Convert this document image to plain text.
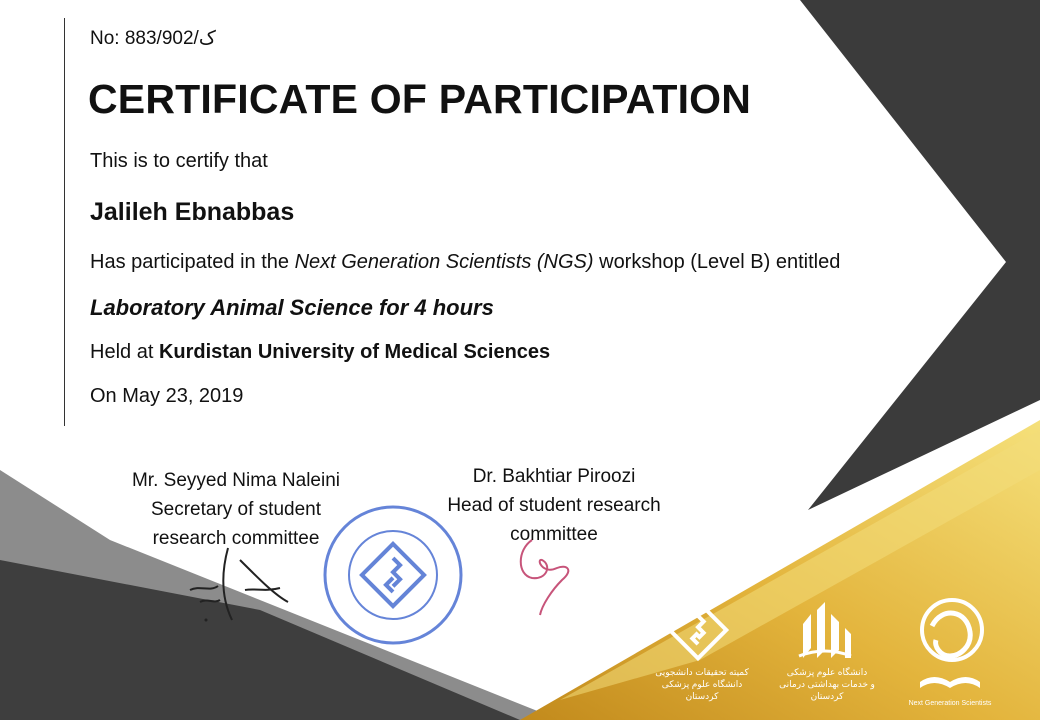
No: ک/883/902
CERTIFICATE OF PARTICIPATION
This is to certify that
Jalileh Ebnabbas
Has participated in the Next Generation Scientists (NGS) workshop (Level B) entitled
Laboratory Animal Science for 4 hours
Held at Kurdistan University of Medical Sciences
On May 23, 2019
Mr. Seyyed Nima Naleini
Secretary of student
research committee
Dr. Bakhtiar Piroozi
Head of student research
committee
کمیته تحقیقات دانشجویی
دانشگاه علوم پزشکی
کردستان
دانشگاه علوم پزشکی
و خدمات بهداشتی درمانی
کردستان
Next Generation Scientists
